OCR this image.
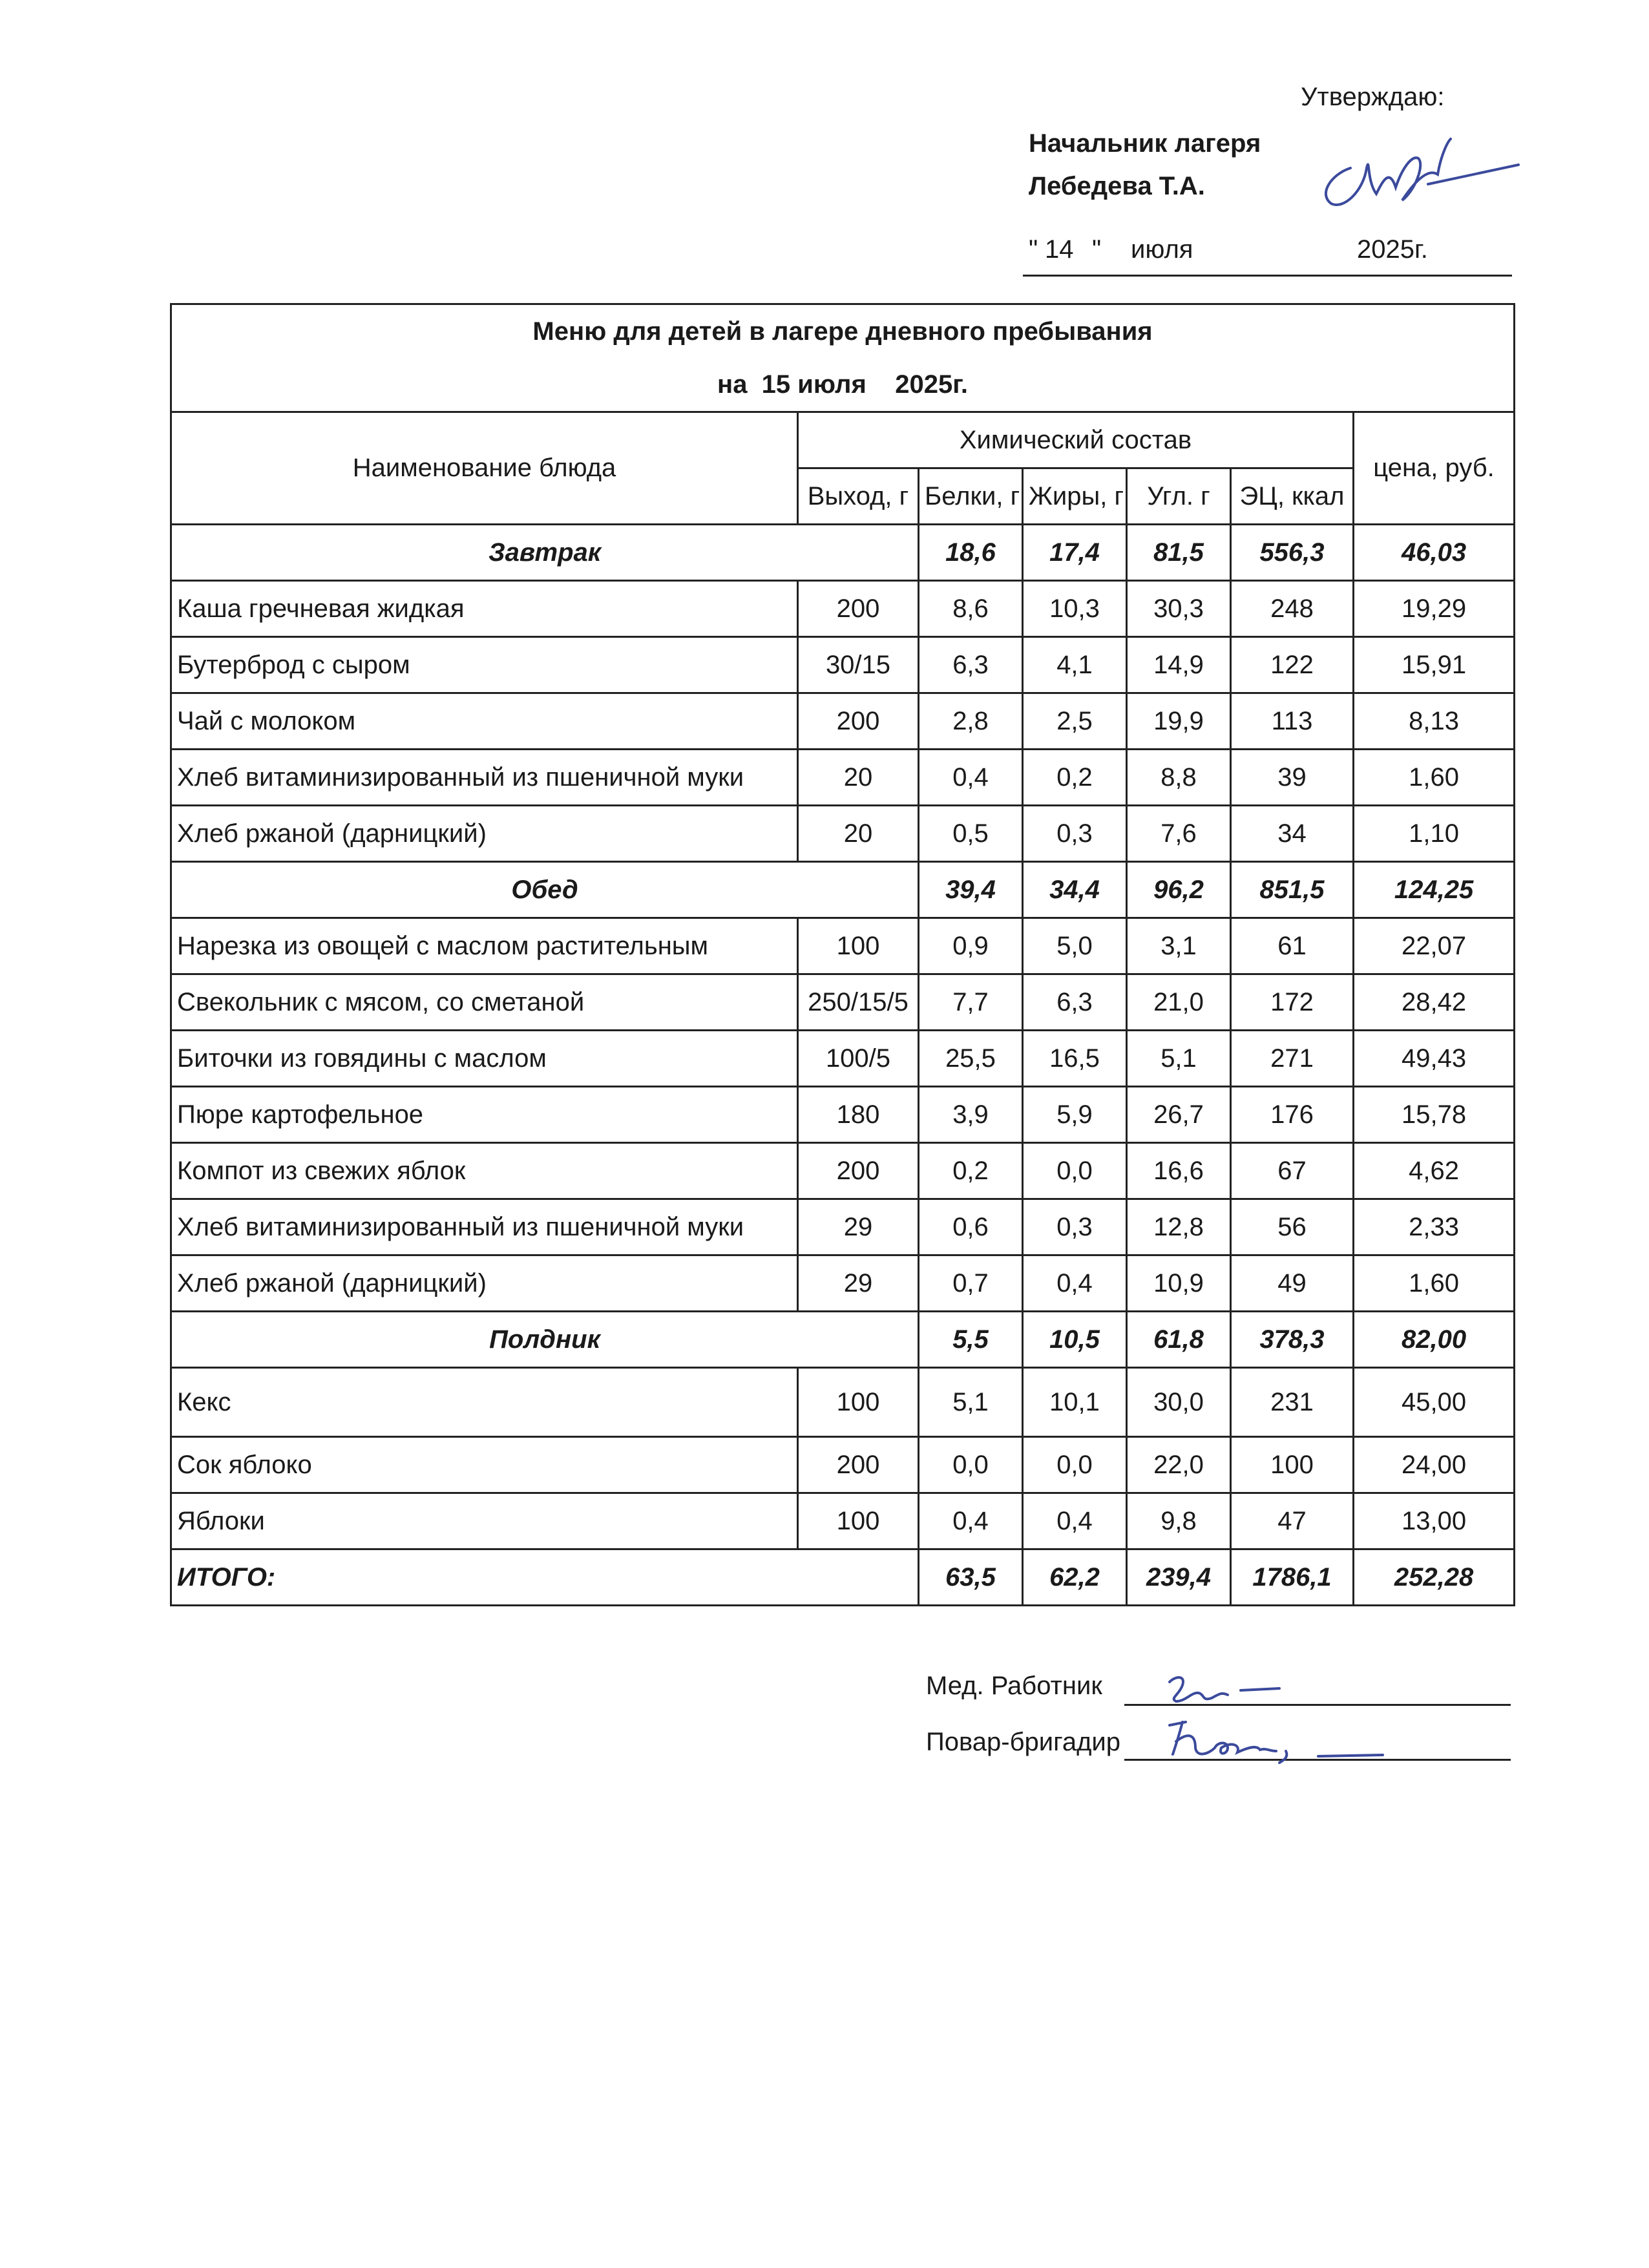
Утверждаю:
Начальник лагеря
Лебедева Т.А.
" 14 " июля	2025г.
Меню для детей в лагере дневного пребывания
на  15 июля    2025г.						

Наименование блюда	Химический состав					цена, руб.
	Выход, г	Белки, г	Жиры, г	Угл. г	ЭЦ, ккал	
Завтрак		18,6	17,4	81,5	556,3	46,03
Каша гречневая жидкая	200	8,6	10,3	30,3	248	19,29
Бутерброд с сыром	30/15	6,3	4,1	14,9	122	15,91
Чай с молоком	200	2,8	2,5	19,9	113	8,13
Хлеб витаминизированный из пшеничной муки	20	0,4	0,2	8,8	39	1,60
Хлеб ржаной (дарницкий)	20	0,5	0,3	7,6	34	1,10
Обед		39,4	34,4	96,2	851,5	124,25
Нарезка из овощей с маслом растительным	100	0,9	5,0	3,1	61	22,07
Свекольник с мясом, со сметаной	250/15/5	7,7	6,3	21,0	172	28,42
Биточки из говядины с маслом	100/5	25,5	16,5	5,1	271	49,43
Пюре картофельное	180	3,9	5,9	26,7	176	15,78
Компот из свежих яблок	200	0,2	0,0	16,6	67	4,62
Хлеб витаминизированный из пшеничной муки	29	0,6	0,3	12,8	56	2,33
Хлеб ржаной (дарницкий)	29	0,7	0,4	10,9	49	1,60
Полдник		5,5	10,5	61,8	378,3	82,00
Кекс	100	5,1	10,1	30,0	231	45,00
Сок яблоко	200	0,0	0,0	22,0	100	24,00
Яблоки	100	0,4	0,4	9,8	47	13,00
ИТОГО:		63,5	62,2	239,4	1786,1	252,28
Мед. Работник
Повар-бригадир
